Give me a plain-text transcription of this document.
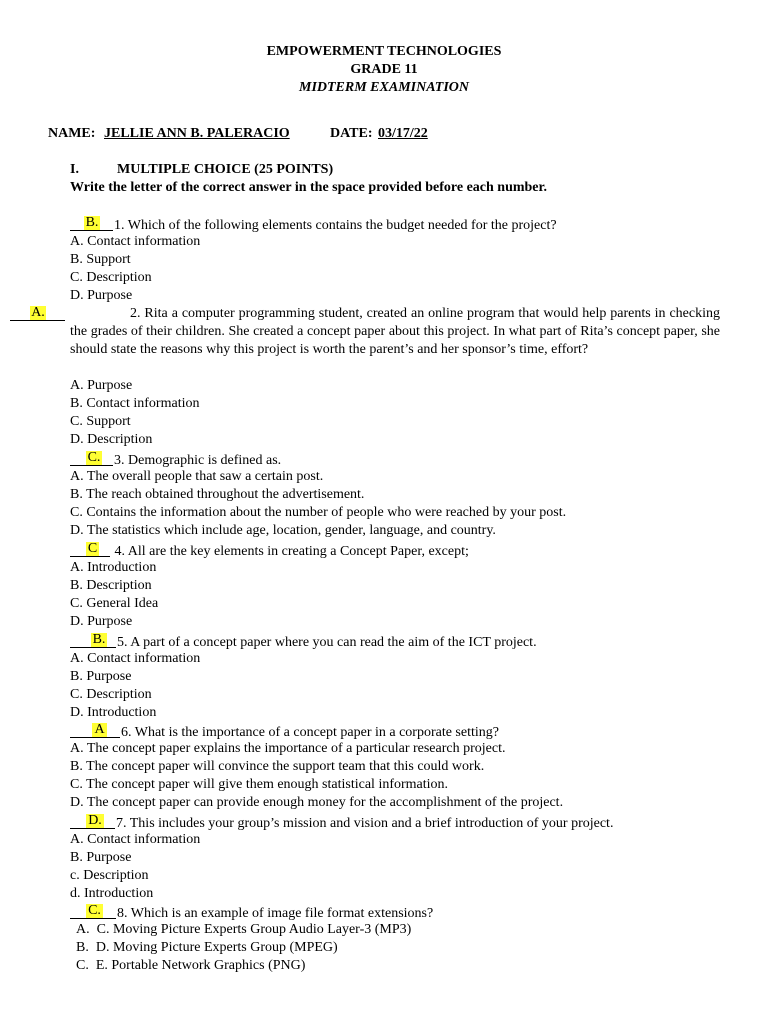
EMPOWERMENT TECHNOLOGIES
GRADE 11
MIDTERM EXAMINATION
NAME: JELLIE ANN B. PALERACIO	DATE: 03/17/22
I.	MULTIPLE CHOICE (25 POINTS)
Write the letter of the correct answer in the space provided before each number.
B. 1. Which of the following elements contains the budget needed for the project?
A. Contact information
B. Support
C. Description
D. Purpose
A.	2. Rita a computer programming student, created an online program that would help parents in checking the grades of their children. She created a concept paper about this project. In what part of Rita’s concept paper, she should state the reasons why this project is worth the parent’s and her sponsor’s time, effort?
A. Purpose
B. Contact information
C. Support
D. Description
C. 3. Demographic is defined as.
A. The overall people that saw a certain post.
B. The reach obtained throughout the advertisement.
C. Contains the information about the number of people who were reached by your post.
D. The statistics which include age, location, gender, language, and country.
C 4. All are the key elements in creating a Concept Paper, except;
A. Introduction
B. Description
C. General Idea
D. Purpose
B. 5. A part of a concept paper where you can read the aim of the ICT project.
A. Contact information
B. Purpose
C. Description
D. Introduction
A 6. What is the importance of a concept paper in a corporate setting?
A. The concept paper explains the importance of a particular research project.
B. The concept paper will convince the support team that this could work.
C. The concept paper will give them enough statistical information.
D. The concept paper can provide enough money for the accomplishment of the project.
D. 7. This includes your group’s mission and vision and a brief introduction of your project.
A. Contact information
B. Purpose
c. Description
d. Introduction
C. 8. Which is an example of image file format extensions?
A.  C. Moving Picture Experts Group Audio Layer-3 (MP3)
B.  D. Moving Picture Experts Group (MPEG)
C.  E. Portable Network Graphics (PNG)
